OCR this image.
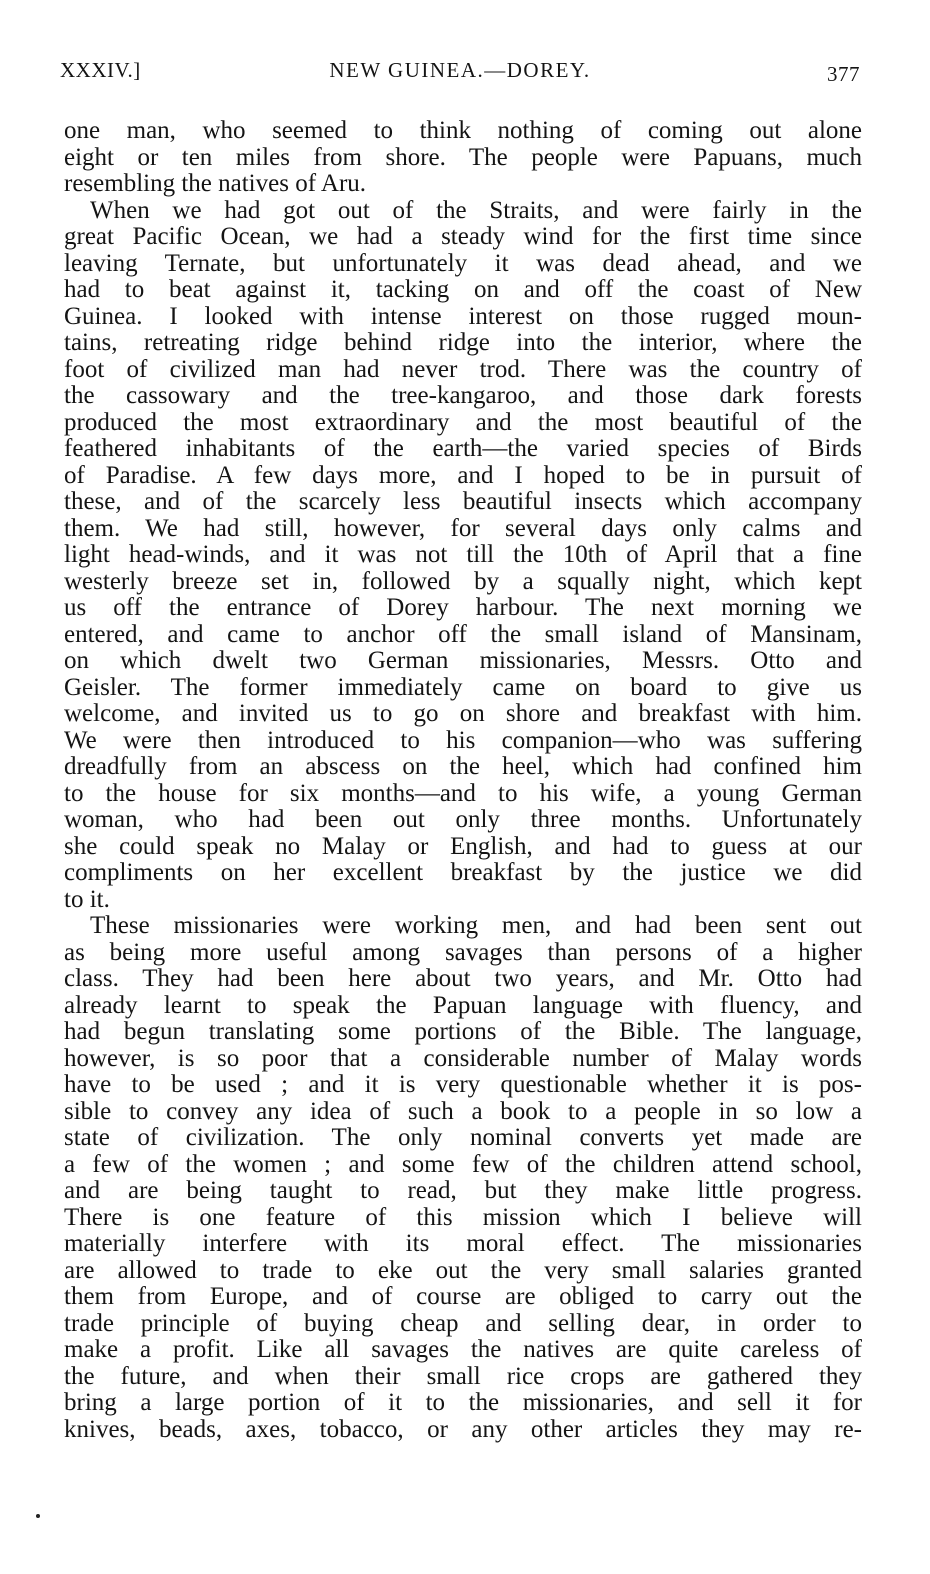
XXXIV.]	NEW GUINEA.—DOREY.	377
one man, who seemed to think nothing of coming out alone
eight or ten miles from shore. The people were Papuans, much
resembling the natives of Aru.
When we had got out of the Straits, and were fairly in the
great Pacific Ocean, we had a steady wind for the first time since
leaving Ternate, but unfortunately it was dead ahead, and we
had to beat against it, tacking on and off the coast of New
Guinea. I looked with intense interest on those rugged moun-
tains, retreating ridge behind ridge into the interior, where the
foot of civilized man had never trod. There was the country of
the cassowary and the tree-kangaroo, and those dark forests
produced the most extraordinary and the most beautiful of the
feathered inhabitants of the earth—the varied species of Birds
of Paradise. A few days more, and I hoped to be in pursuit of
these, and of the scarcely less beautiful insects which accompany
them. We had still, however, for several days only calms and
light head-winds, and it was not till the 10th of April that a fine
westerly breeze set in, followed by a squally night, which kept
us off the entrance of Dorey harbour. The next morning we
entered, and came to anchor off the small island of Mansinam,
on which dwelt two German missionaries, Messrs. Otto and
Geisler. The former immediately came on board to give us
welcome, and invited us to go on shore and breakfast with him.
We were then introduced to his companion—who was suffering
dreadfully from an abscess on the heel, which had confined him
to the house for six months—and to his wife, a young German
woman, who had been out only three months. Unfortunately
she could speak no Malay or English, and had to guess at our
compliments on her excellent breakfast by the justice we did
to it.
These missionaries were working men, and had been sent out
as being more useful among savages than persons of a higher
class. They had been here about two years, and Mr. Otto had
already learnt to speak the Papuan language with fluency, and
had begun translating some portions of the Bible. The language,
however, is so poor that a considerable number of Malay words
have to be used ; and it is very questionable whether it is pos-
sible to convey any idea of such a book to a people in so low a
state of civilization. The only nominal converts yet made are
a few of the women ; and some few of the children attend school,
and are being taught to read, but they make little progress.
There is one feature of this mission which I believe will
materially interfere with its moral effect. The missionaries
are allowed to trade to eke out the very small salaries granted
them from Europe, and of course are obliged to carry out the
trade principle of buying cheap and selling dear, in order to
make a profit. Like all savages the natives are quite careless of
the future, and when their small rice crops are gathered they
bring a large portion of it to the missionaries, and sell it for
knives, beads, axes, tobacco, or any other articles they may re-
